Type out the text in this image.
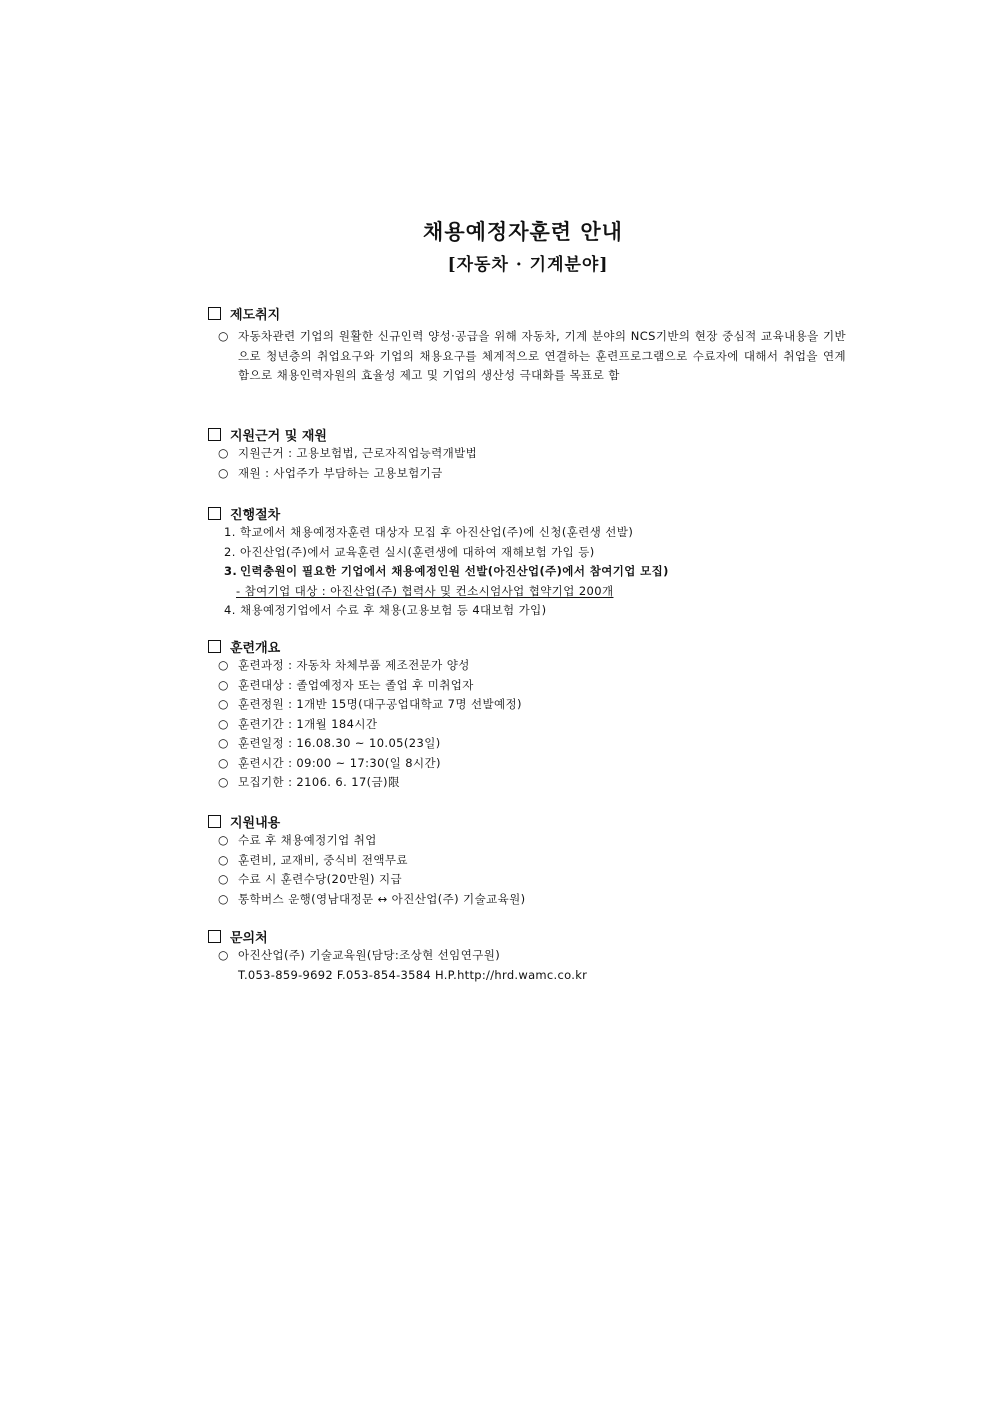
채용예정자훈련 안내
[자동차 · 기계분야]
제도취지
○ 자동차관련 기업의 원활한 신규인력 양성·공급을 위해 자동차, 기계 분야의 NCS기반의 현장 중심적 교육내용을 기반으로 청년층의 취업요구와 기업의 채용요구를 체계적으로 연결하는 훈련프로그램으로 수료자에 대해서 취업을 연계함으로 채용인력자원의 효율성 제고 및 기업의 생산성 극대화를 목표로 함
지원근거 및 재원
○ 지원근거 : 고용보험법, 근로자직업능력개발법
○ 재원 : 사업주가 부담하는 고용보험기금
진행절차
1. 학교에서 채용예정자훈련 대상자 모집 후 아진산업(주)에 신청(훈련생 선발)
2. 아진산업(주)에서 교육훈련 실시(훈련생에 대하여 재해보험 가입 등)
3. 인력충원이 필요한 기업에서 채용예정인원 선발(아진산업(주)에서 참여기업 모집)
- 참여기업 대상 : 아진산업(주) 협력사 및 컨소시엄사업 협약기업 200개
4. 채용예정기업에서 수료 후 채용(고용보험 등 4대보험 가입)
훈련개요
○ 훈련과정 : 자동차 차체부품 제조전문가 양성
○ 훈련대상 : 졸업예정자 또는 졸업 후 미취업자
○ 훈련정원 : 1개반 15명(대구공업대학교 7명 선발예정)
○ 훈련기간 : 1개월 184시간
○ 훈련일정 : 16.08.30 ~ 10.05(23일)
○ 훈련시간 : 09:00 ~ 17:30(일 8시간)
○ 모집기한 : 2106. 6. 17(금)限
지원내용
○ 수료 후 채용예정기업 취업
○ 훈련비, 교재비, 중식비 전액무료
○ 수료 시 훈련수당(20만원) 지급
○ 통학버스 운행(영남대정문 ↔ 아진산업(주) 기술교육원)
문의처
○ 아진산업(주) 기술교육원(담당:조상현 선임연구원)
T.053-859-9692 F.053-854-3584 H.P.http://hrd.wamc.co.kr
